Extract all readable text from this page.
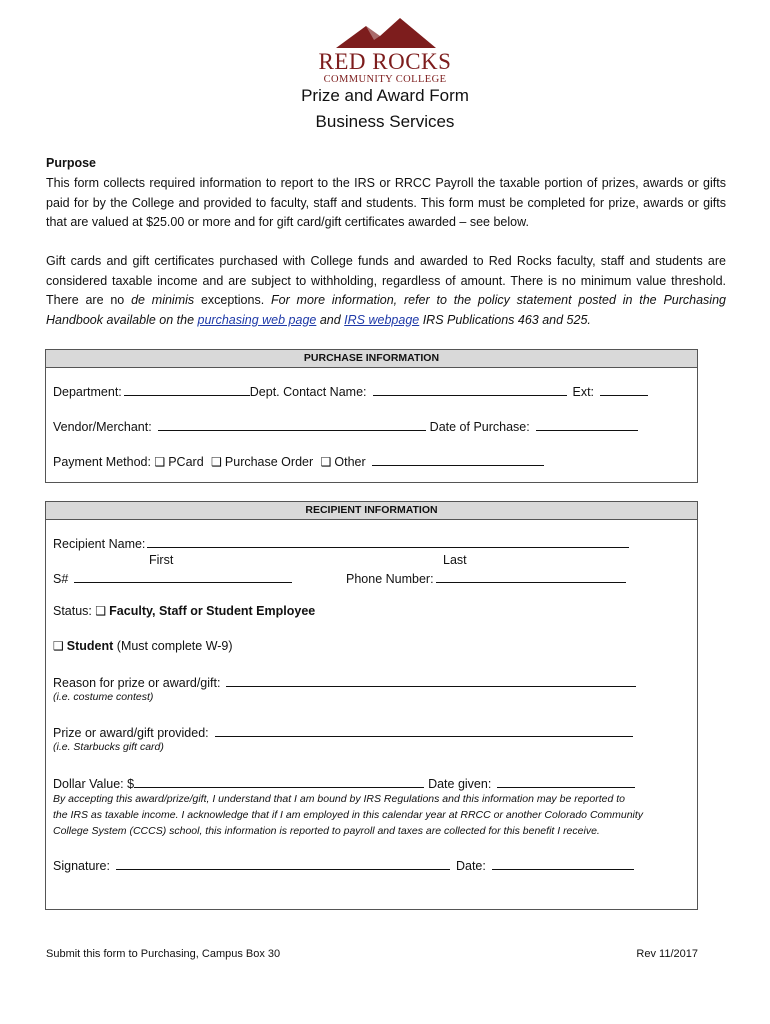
RED ROCKS
COMMUNITY COLLEGE
Prize and Award Form
Business Services
Purpose
This form collects required information to report to the IRS or RRCC Payroll the taxable portion of prizes, awards or gifts paid for by the College and provided to faculty, staff and students. This form must be completed for prize, awards or gifts that are valued at $25.00 or more and for gift card/gift certificates awarded – see below.
Gift cards and gift certificates purchased with College funds and awarded to Red Rocks faculty, staff and students are considered taxable income and are subject to withholding, regardless of amount. There is no minimum value threshold. There are no de minimis exceptions. For more information, refer to the policy statement posted in the Purchasing Handbook available on the purchasing web page and IRS webpage IRS Publications 463 and 525.
PURCHASE INFORMATION
Department:	Dept. Contact Name:	Ext:
Vendor/Merchant:	Date of Purchase:
Payment Method: ❑ PCard ❑ Purchase Order ❑ Other
RECIPIENT INFORMATION
Recipient Name:
First	Last
S#	Phone Number:
Status: ❑ Faculty, Staff or Student Employee
❑ Student (Must complete W-9)
Reason for prize or award/gift:
(i.e. costume contest)
Prize or award/gift provided:
(i.e. Starbucks gift card)
Dollar Value: $	Date given:
By accepting this award/prize/gift, I understand that I am bound by IRS Regulations and this information may be reported to
the IRS as taxable income. I acknowledge that if I am employed in this calendar year at RRCC or another Colorado Community
College System (CCCS) school, this information is reported to payroll and taxes are collected for this benefit I receive.
Signature:	Date:
Submit this form to Purchasing, Campus Box 30	Rev 11/2017
